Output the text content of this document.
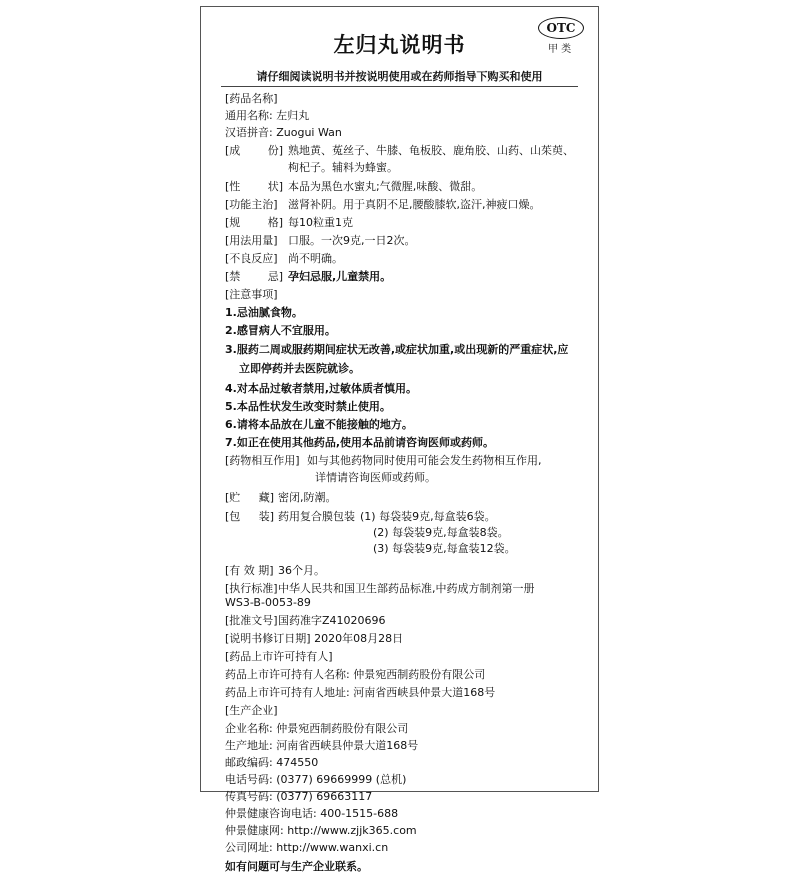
左归丸说明书
OTC
甲 类
请仔细阅读说明书并按说明使用或在药师指导下购买和使用
[药品名称]
通用名称: 左归丸
汉语拼音: Zuogui Wan
[成 份] 熟地黄、菟丝子、牛膝、龟板胶、鹿角胶、山药、山茱萸、枸杞子。辅料为蜂蜜。
[性 状] 本品为黑色水蜜丸;气微腥,味酸、微甜。
[功能主治] 滋肾补阴。用于真阴不足,腰酸膝软,盗汗,神疲口燥。
[规 格] 每10粒重1克
[用法用量] 口服。一次9克,一日2次。
[不良反应] 尚不明确。
[禁 忌] 孕妇忌服,儿童禁用。
[注意事项]
1.忌油腻食物。
2.感冒病人不宜服用。
3.服药二周或服药期间症状无改善,或症状加重,或出现新的严重症状,应立即停药并去医院就诊。
4.对本品过敏者禁用,过敏体质者慎用。
5.本品性状发生改变时禁止使用。
6.请将本品放在儿童不能接触的地方。
7.如正在使用其他药品,使用本品前请咨询医师或药师。
[药物相互作用] 如与其他药物同时使用可能会发生药物相互作用,
详情请咨询医师或药师。
[贮 藏] 密闭,防潮。
[包 装] 药用复合膜包装 (1) 每袋装9克,每盒装6袋。
(2) 每袋装9克,每盒装8袋。
(3) 每袋装9克,每盒装12袋。
[有 效 期] 36个月。
[执行标准]中华人民共和国卫生部药品标准,中药成方制剂第一册
WS3-B-0053-89
[批准文号]国药准字Z41020696
[说明书修订日期] 2020年08月28日
[药品上市许可持有人]
药品上市许可持有人名称: 仲景宛西制药股份有限公司
药品上市许可持有人地址: 河南省西峡县仲景大道168号
[生产企业]
企业名称: 仲景宛西制药股份有限公司
生产地址: 河南省西峡县仲景大道168号
邮政编码: 474550
电话号码: (0377) 69669999 (总机)
传真号码: (0377) 69663117
仲景健康咨询电话: 400-1515-688
仲景健康网: http://www.zjjk365.com
公司网址: http://www.wanxi.cn
如有问题可与生产企业联系。
